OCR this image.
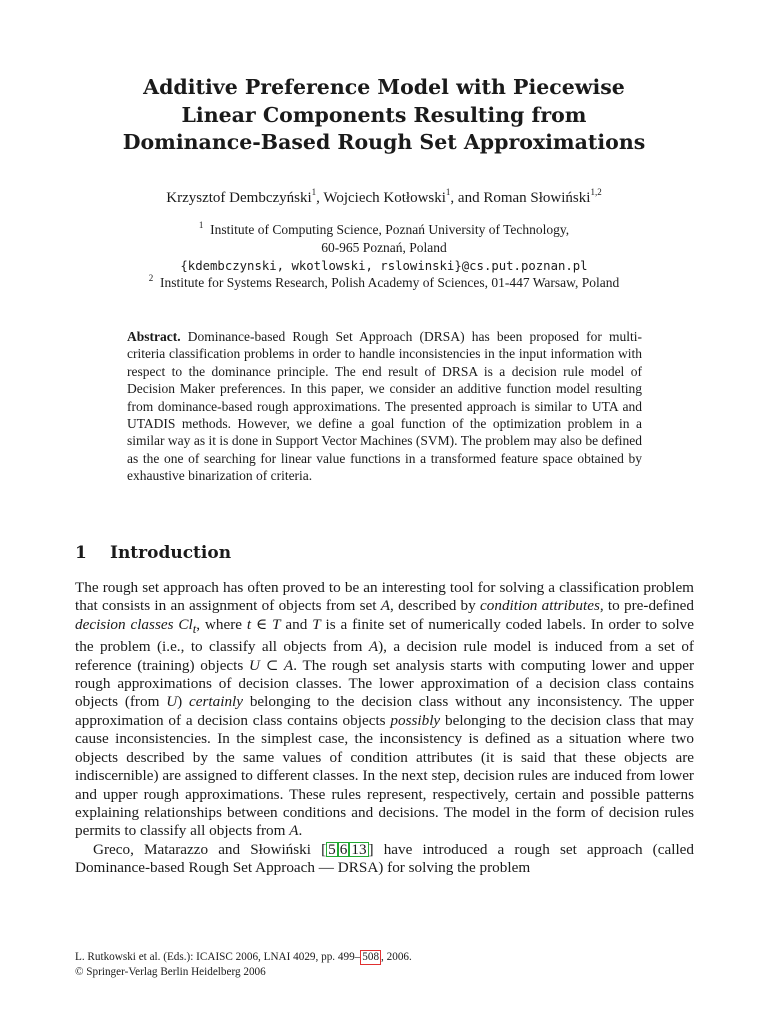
Additive Preference Model with Piecewise
Linear Components Resulting from
Dominance-Based Rough Set Approximations
Krzysztof Dembczyński$^1$, Wojciech Kotłowski$^1$, and Roman Słowiński$^{1,2}$
$^1$ Institute of Computing Science, Poznań University of Technology,
60-965 Poznań, Poland
{kdembczynski, wkotlowski, rslowinski}@cs.put.poznan.pl
$^2$ Institute for Systems Research, Polish Academy of Sciences, 01-447 Warsaw, Poland

Abstract. Dominance-based Rough Set Approach (DRSA) has been proposed for multi-criteria classification problems in order to handle inconsistencies in the input information with respect to the dominance principle. The end result of DRSA is a decision rule model of Decision Maker preferences. In this paper, we consider an additive function model resulting from dominance-based rough approximations. The presented approach is similar to UTA and UTADIS methods. However, we define a goal function of the optimization problem in a similar way as it is done in Support Vector Machines (SVM). The problem may also be defined as the one of searching for linear value functions in a transformed feature space obtained by exhaustive binarization of criteria.

1 Introduction

The rough set approach has often proved to be an interesting tool for solving a classification problem that consists in an assignment of objects from set A, described by condition attributes, to pre-defined decision classes $Cl_t$, where t ∈ T and T is a finite set of numerically coded labels. In order to solve the problem (i.e., to classify all objects from A), a decision rule model is induced from a set of reference (training) objects U ⊂ A. The rough set analysis starts with computing lower and upper rough approximations of decision classes. The lower approximation of a decision class contains objects (from U) certainly belonging to the decision class without any inconsistency. The upper approximation of a decision class contains objects possibly belonging to the decision class that may cause inconsistencies. In the simplest case, the inconsistency is defined as a situation where two objects described by the same values of condition attributes (it is said that these objects are indiscernible) are assigned to different classes. In the next step, decision rules are induced from lower and upper rough approximations. These rules represent, respectively, certain and possible patterns explaining relationships between conditions and decisions. The model in the form of decision rules permits to classify all objects from A.
Greco, Matarazzo and Słowiński [ 5 6 13 ] have introduced a rough set approach (called Dominance-based Rough Set Approach — DRSA) for solving the problem

L. Rutkowski et al. (Eds.): ICAISC 2006, LNAI 4029, pp. 499– 508 , 2006.
© Springer-Verlag Berlin Heidelberg 2006
